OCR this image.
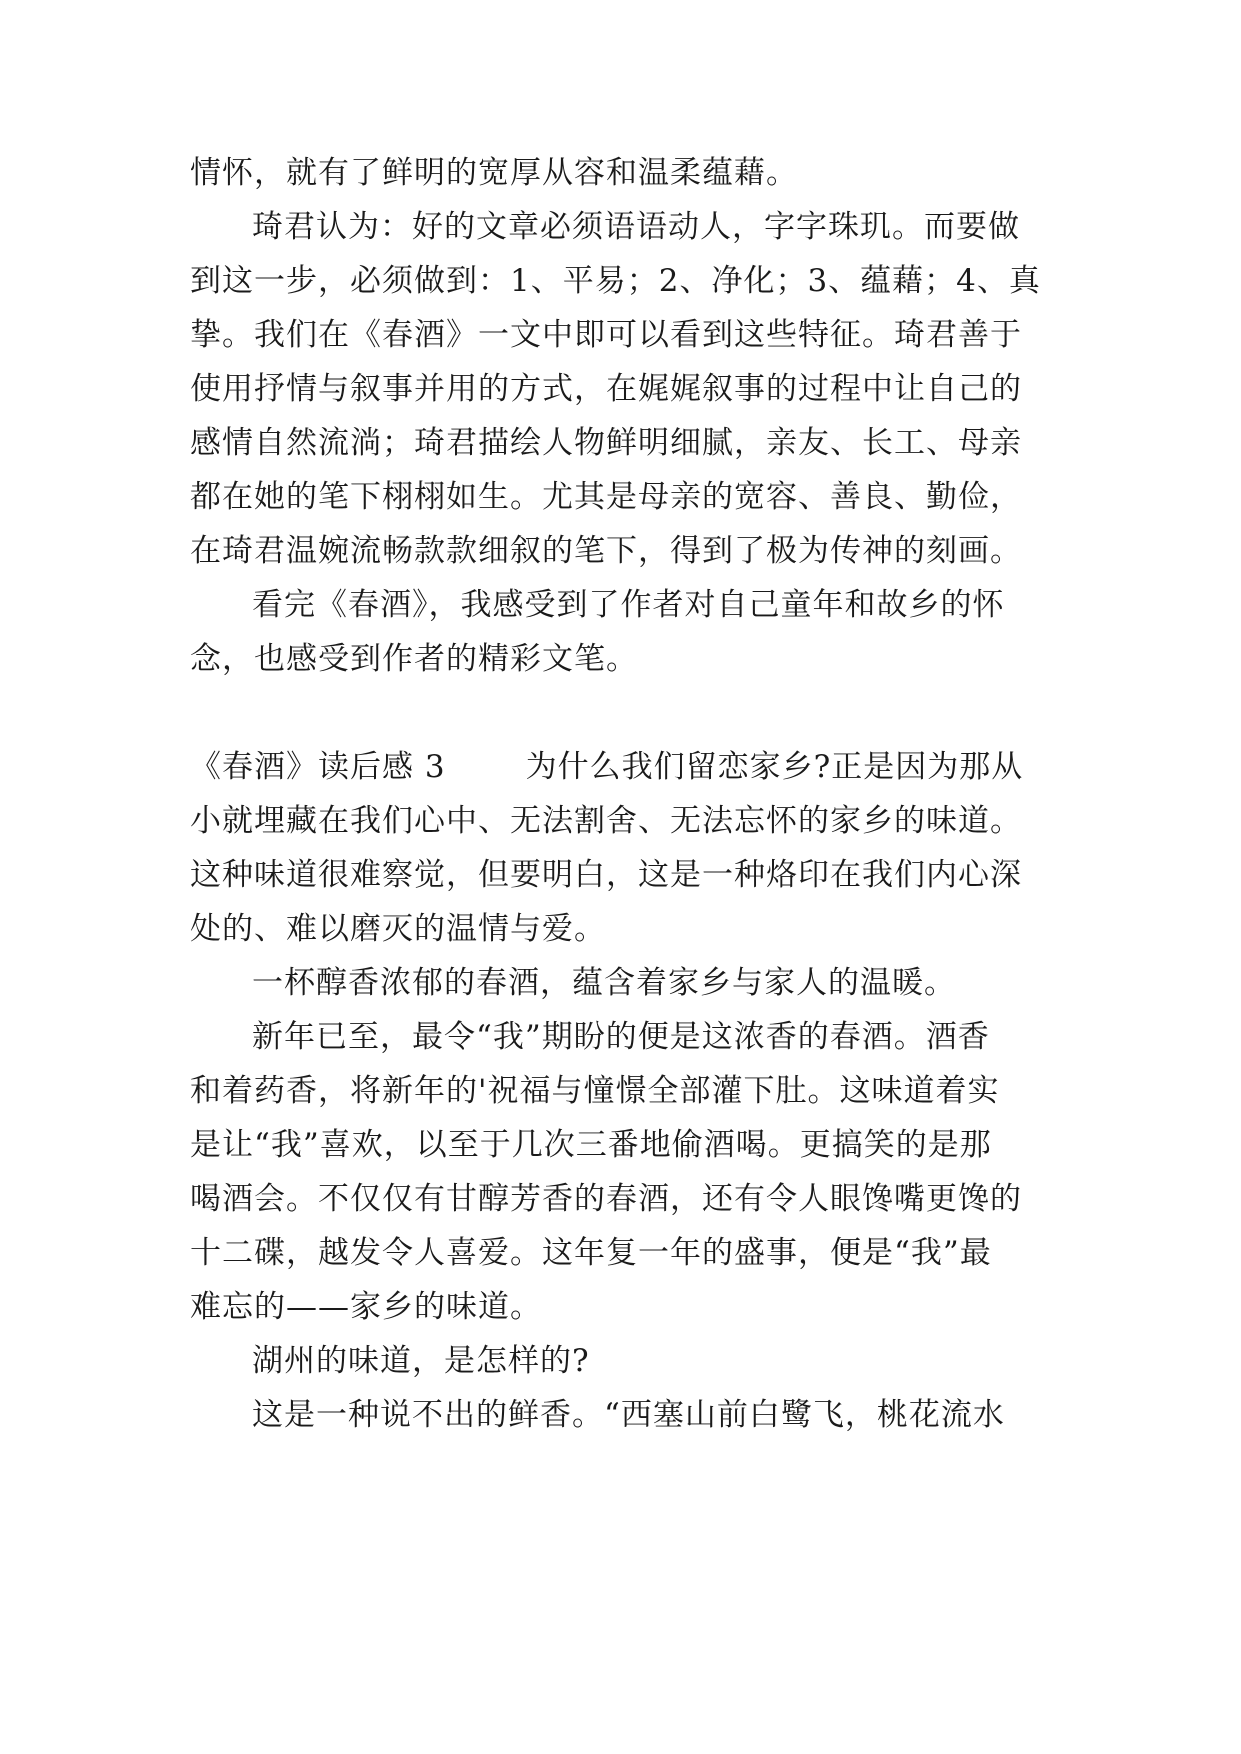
情怀，就有了鲜明的宽厚从容和温柔蕴藉。

琦君认为：好的文章必须语语动人，字字珠玑。而要做

到这一步，必须做到：1、平易；2、净化；3、蕴藉；4、真

挚。我们在《春酒》一文中即可以看到这些特征。琦君善于

使用抒情与叙事并用的方式，在娓娓叙事的过程中让自己的

感情自然流淌；琦君描绘人物鲜明细腻，亲友、长工、母亲

都在她的笔下栩栩如生。尤其是母亲的宽容、善良、勤俭，

在琦君温婉流畅款款细叙的笔下，得到了极为传神的刻画。

看完《春酒》，我感受到了作者对自己童年和故乡的怀

念，也感受到作者的精彩文笔。

《春酒》读后感 3	为什么我们留恋家乡?正是因为那从

小就埋藏在我们心中、无法割舍、无法忘怀的家乡的味道。

这种味道很难察觉，但要明白，这是一种烙印在我们内心深

处的、难以磨灭的温情与爱。

一杯醇香浓郁的春酒，蕴含着家乡与家人的温暖。

新年已至，最令“我”期盼的便是这浓香的春酒。酒香

和着药香，将新年的'祝福与憧憬全部灌下肚。这味道着实

是让“我”喜欢，以至于几次三番地偷酒喝。更搞笑的是那

喝酒会。不仅仅有甘醇芳香的春酒，还有令人眼馋嘴更馋的

十二碟，越发令人喜爱。这年复一年的盛事，便是“我”最

难忘的——家乡的味道。

湖州的味道，是怎样的?

这是一种说不出的鲜香。“西塞山前白鹭飞，桃花流水
